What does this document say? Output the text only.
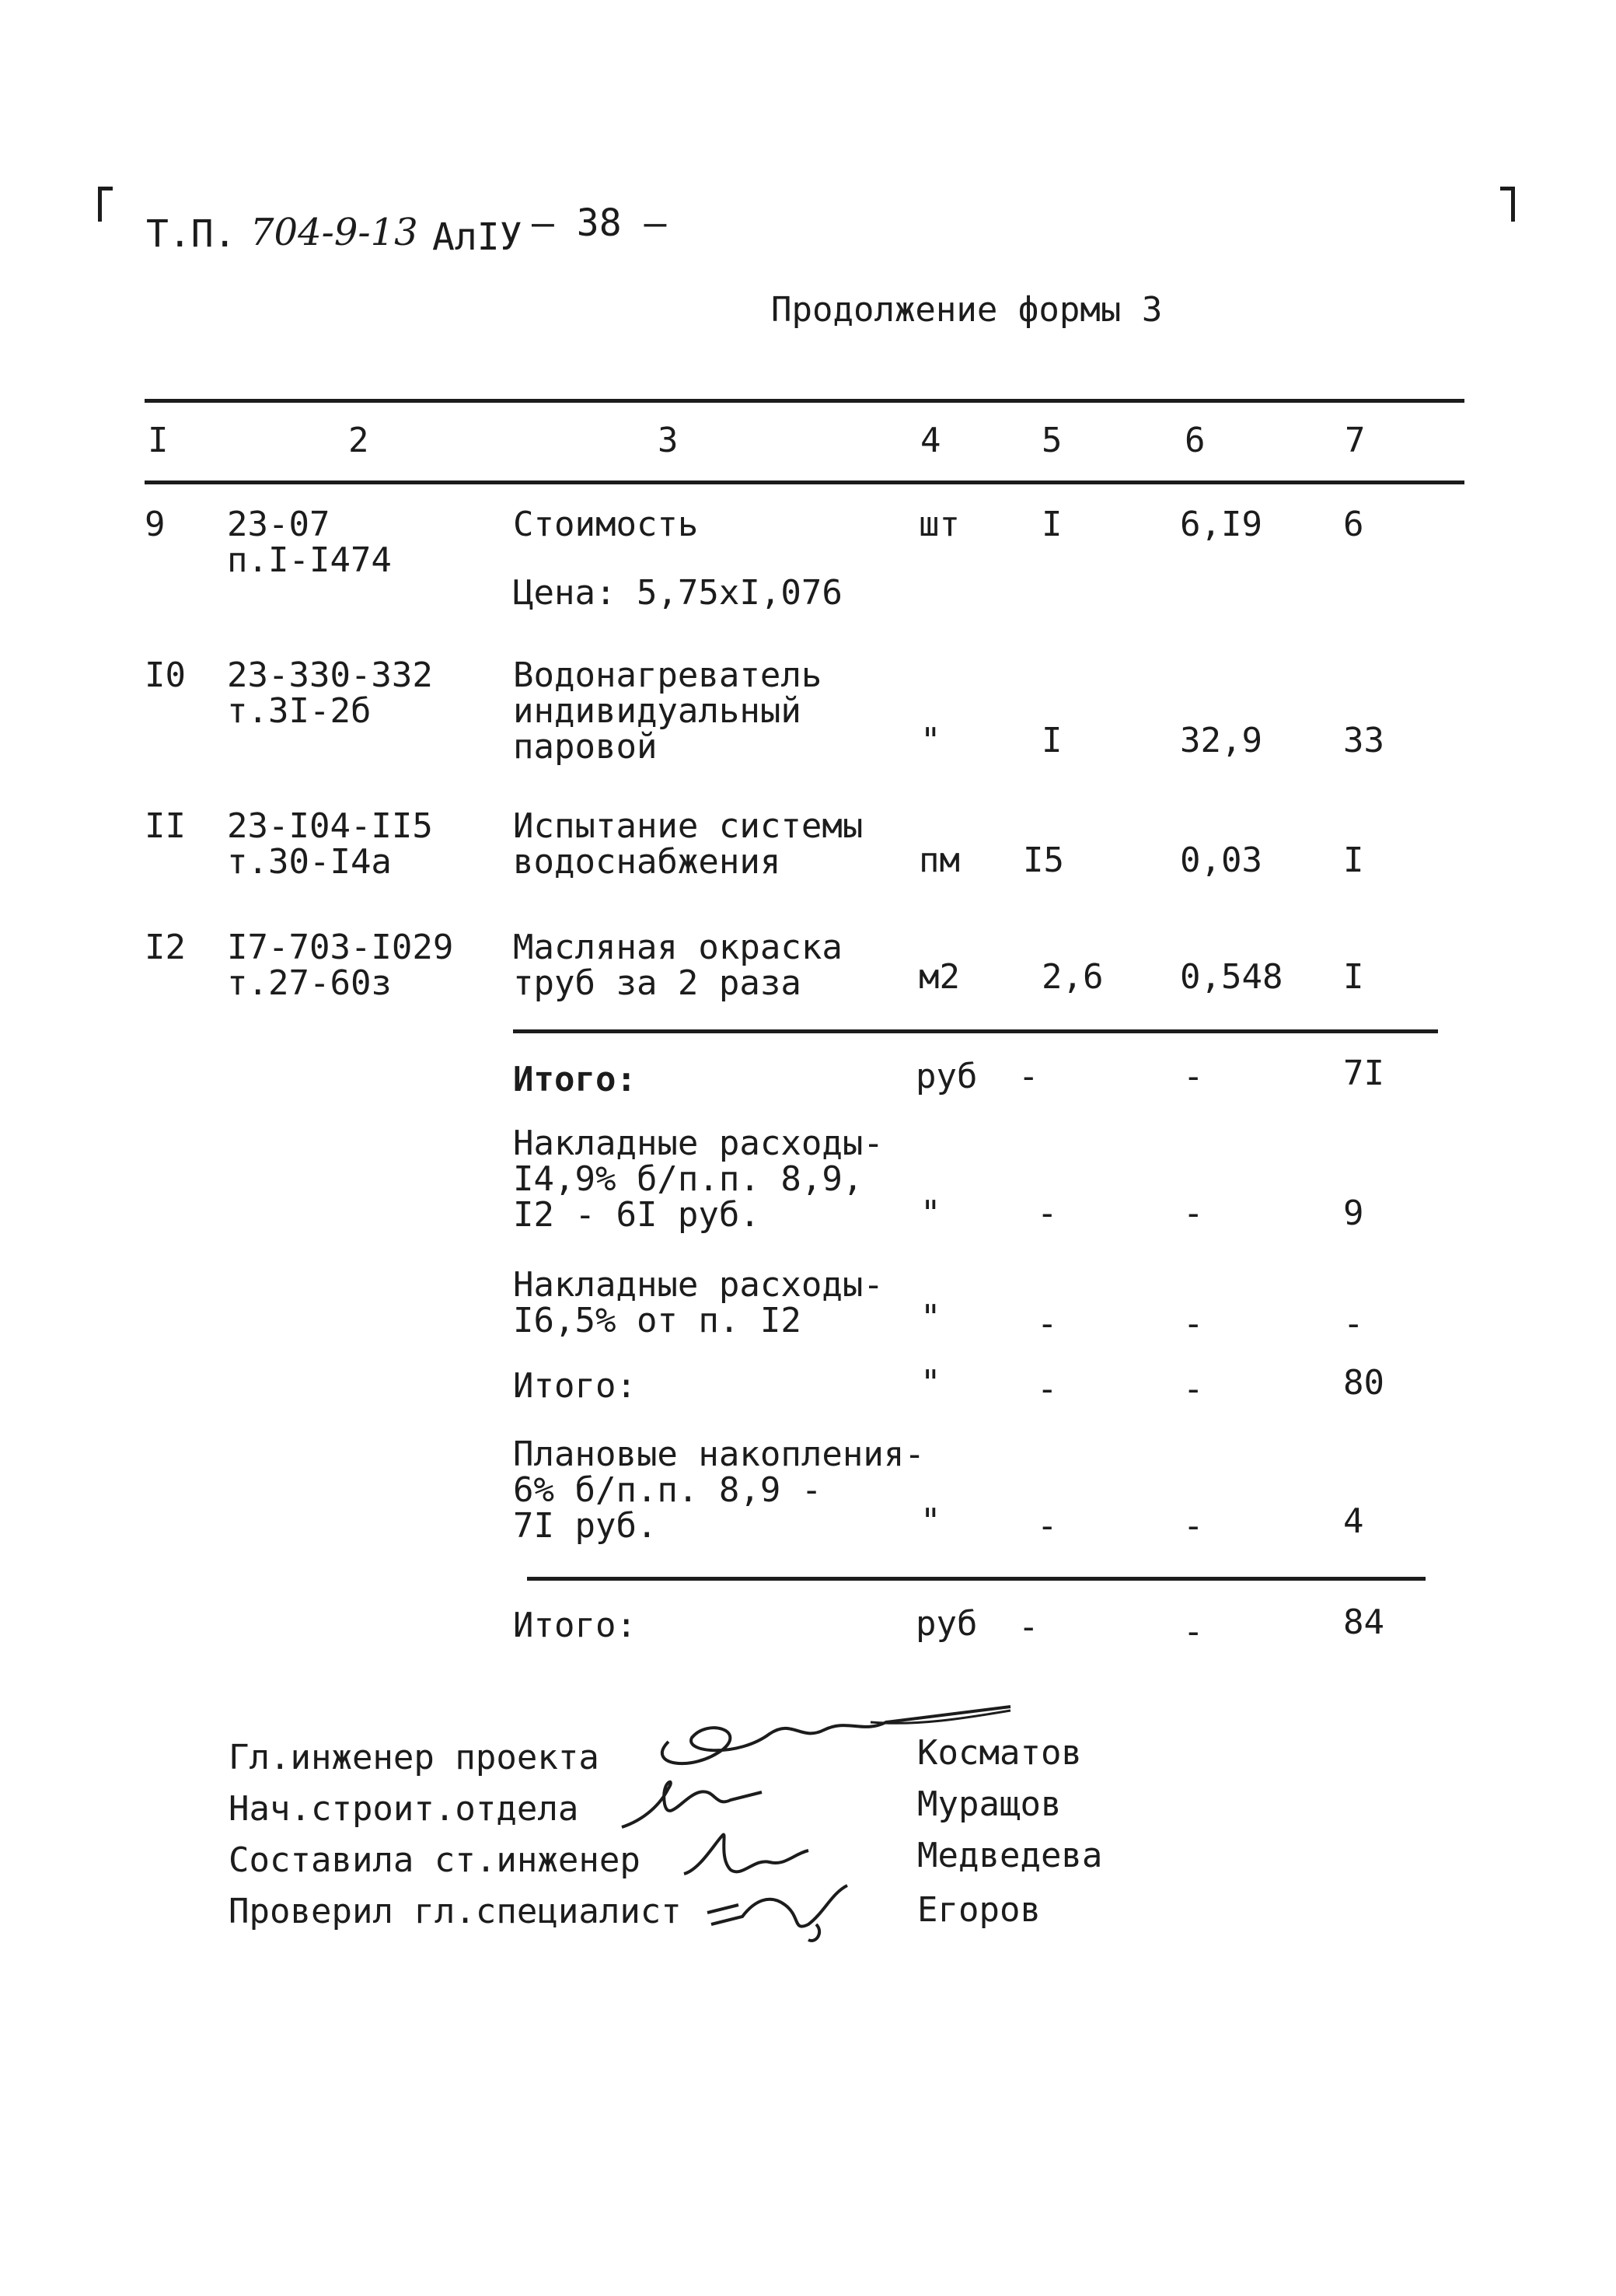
Т.П. 704-9-13 АлIУ — 38 —
Продолжение формы 3
I	2	3	4	5	6	7
9 23-07
п.I-I474
Стоимость	шт I	6,I9 6
Цена: 5,75хI,076
I0 23-330-332
т.3I-2б
Водонагреватель
индивидуальный
паровой	"	I	32,9 33
II 23-I04-II5
т.30-I4а
Испытание системы
водоснабжения	пм I5	0,03 I
I2 I7-703-I029
т.27-60з
Масляная окраска
труб за 2 раза	м2 2,6 0,548 I
Итого:	руб -	-	7I
Накладные расходы-
I4,9% б/п.п. 8,9,
I2 - 6I руб.	"	-	-	9
Накладные расходы-
I6,5% от п. I2	"	-	-	-
Итого:	"	-	-	80
Плановые накопления-
6% б/п.п. 8,9 -
7I руб.	"	-	-	4
Итого:	руб -	-	84
Гл.инженер проекта
Нач.строит.отдела
Составила ст.инженер
Проверил гл.специалист
Косматов
Муращов
Медведева
Егоров
